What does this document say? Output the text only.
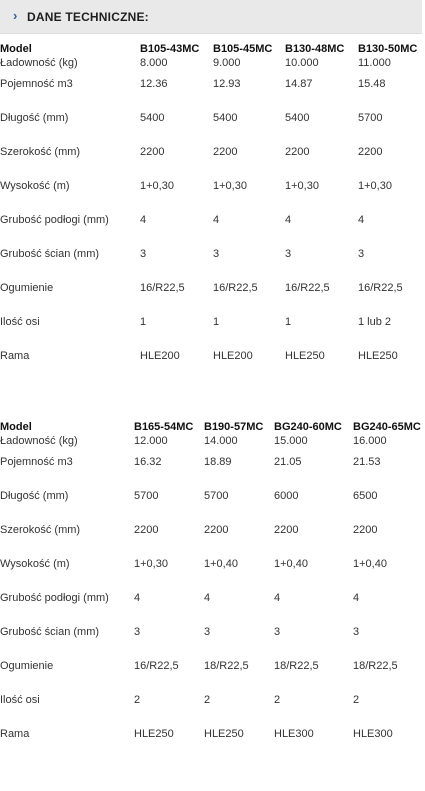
› DANE TECHNICZNE:
Model	B105-43MC	B105-45MC	B130-48MC	B130-50MC
Ładowność (kg)	8.000	9.000	10.000	11.000
Pojemność m3	12.36	12.93	14.87	15.48
Długość (mm)	5400	5400	5400	5700
Szerokość (mm)	2200	2200	2200	2200
Wysokość (m)	1+0,30	1+0,30	1+0,30	1+0,30
Grubość podłogi (mm)	4	4	4	4
Grubość ścian (mm)	3	3	3	3
Ogumienie	16/R22,5	16/R22,5	16/R22,5	16/R22,5
Ilość osi	1	1	1	1 lub 2
Rama	HLE200	HLE200	HLE250	HLE250
Model	B165-54MC	B190-57MC	BG240-60MC	BG240-65MC
Ładowność (kg)	12.000	14.000	15.000	16.000
Pojemność m3	16.32	18.89	21.05	21.53
Długość (mm)	5700	5700	6000	6500
Szerokość (mm)	2200	2200	2200	2200
Wysokość (m)	1+0,30	1+0,40	1+0,40	1+0,40
Grubość podłogi (mm)	4	4	4	4
Grubość ścian (mm)	3	3	3	3
Ogumienie	16/R22,5	18/R22,5	18/R22,5	18/R22,5
Ilość osi	2	2	2	2
Rama	HLE250	HLE250	HLE300	HLE300
